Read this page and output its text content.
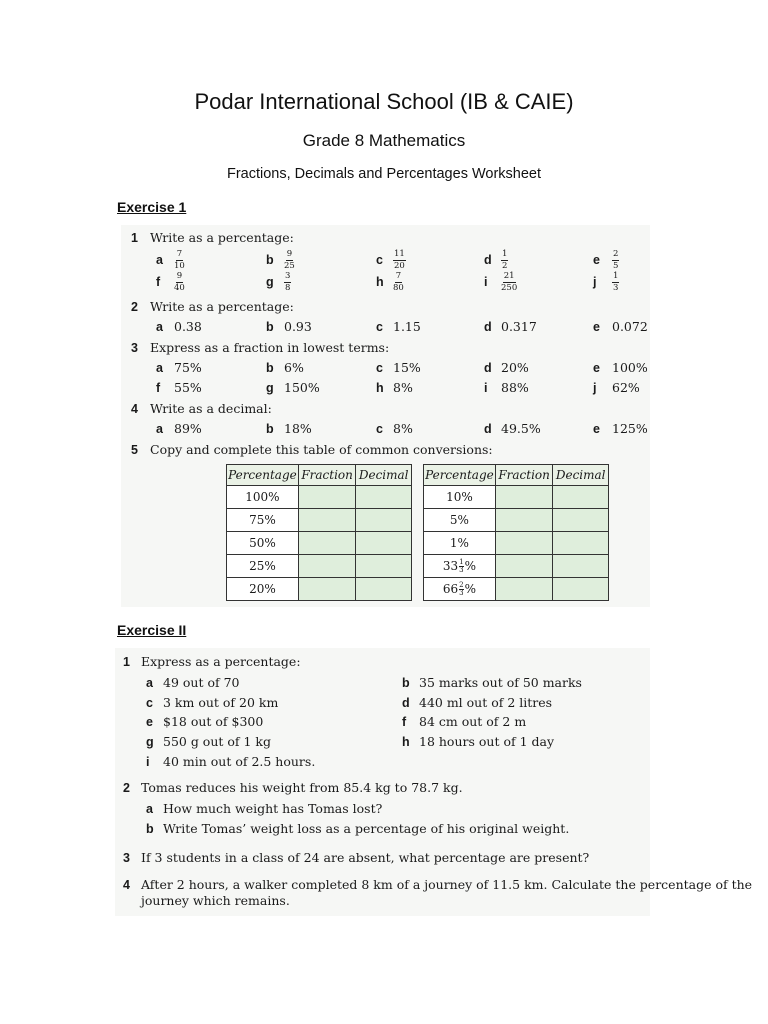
Podar International School (IB & CAIE)
Grade 8 Mathematics
Fractions, Decimals and Percentages Worksheet
Exercise 1
Exercise II
1 Write as a percentage:
2 Write as a percentage:
3 Express as a fraction in lowest terms:
4 Write as a decimal:
5 Copy and complete this table of common conversions:
a $\frac{7}{10}$	b $\frac{9}{25}$	c $\frac{11}{20}$	d $\frac{1}{2}$	e $\frac{2}{5}$
f $\frac{9}{40}$	g $\frac{3}{8}$	h $\frac{7}{80}$	i $\frac{21}{250}$	j $\frac{1}{3}$
a 0.38	b 0.93	c 1.15	d 0.317	e 0.072
a 75%	b 6%	c 15%	d 20%	e 100%
f 55%	g 150%	h 8%	i 88%	j 62%
a 89%	b 18%	c 8%	d 49.5%	e 125%
Percentage	Fraction	Decimal
100%		
75%		
50%		
25%		
20%		
Percentage	Fraction	Decimal
10%		
5%		
1%		
$33 \frac{1}{3}$ %		
$66 \frac{2}{3}$ %		
1 Express as a percentage:
a 49 out of 70	b 35 marks out of 50 marks
c 3 km out of 20 km	d 440 ml out of 2 litres
e $18 out of $300	f 84 cm out of 2 m
g 550 g out of 1 kg	h 18 hours out of 1 day
i 40 min out of 2.5 hours.
2 Tomas reduces his weight from 85.4 kg to 78.7 kg.
a How much weight has Tomas lost?
b Write Tomas’ weight loss as a percentage of his original weight.
3 If 3 students in a class of 24 are absent, what percentage are present?
4 After 2 hours, a walker completed 8 km of a journey of 11.5 km. Calculate the percentage of the
journey which remains.
